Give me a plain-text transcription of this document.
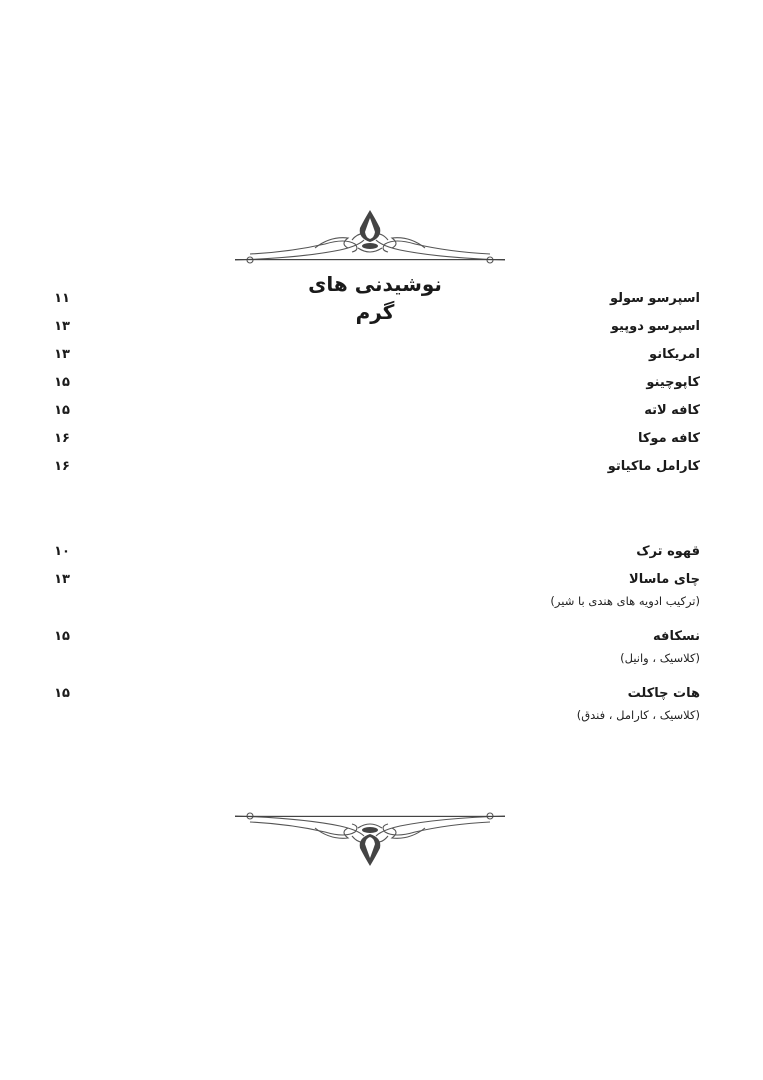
نوشیدنی های گرم
اسپرسو سولو
۱۱
اسپرسو دوپیو
۱۳
امریکانو
۱۳
کاپوچینو
۱۵
کافه لاته
۱۵
کافه موکا
۱۶
کارامل ماکیاتو
۱۶
قهوه ترک
۱۰
چای ماسالا
۱۳
(ترکیب ادویه های هندی با شیر)
نسکافه
۱۵
(کلاسیک ، وانیل)
هات چاکلت
۱۵
(کلاسیک ، کارامل ، فندق)
